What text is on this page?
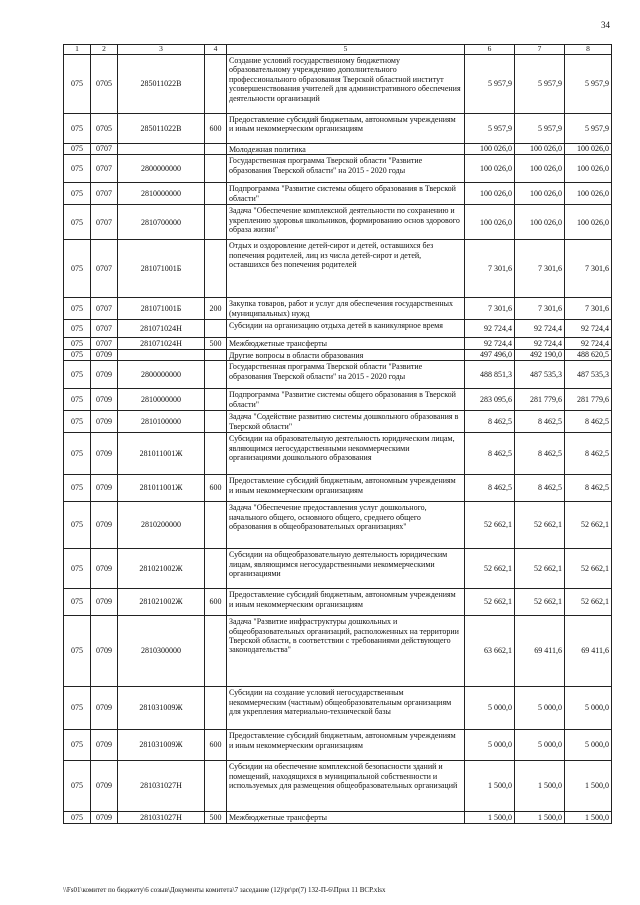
34
1	2	3	4	5	6	7	8
075	0705	285011022В		Создание условий государственному бюджетному образовательному учреждению дополнительного профессионального образования Тверской областной институт усовершенствования учителей для административного обеспечения деятельности организаций	5 957,9	5 957,9	5 957,9
075	0705	285011022В	600	Предоставление субсидий бюджетным, автономным учреждениям и иным некоммерческим организациям	5 957,9	5 957,9	5 957,9
075	0707			Молодежная политика	100 026,0	100 026,0	100 026,0
075	0707	2800000000		Государственная программа Тверской области "Развитие образования Тверской области" на 2015 - 2020 годы	100 026,0	100 026,0	100 026,0
075	0707	2810000000		Подпрограмма "Развитие системы общего образования в Тверской области"	100 026,0	100 026,0	100 026,0
075	0707	2810700000		Задача "Обеспечение комплексной деятельности по сохранению и укреплению здоровья школьников, формированию основ здорового образа жизни"	100 026,0	100 026,0	100 026,0
075	0707	281071001Б		Отдых и оздоровление детей-сирот и детей, оставшихся без попечения родителей, лиц из числа детей-сирот и детей, оставшихся без попечения родителей	7 301,6	7 301,6	7 301,6
075	0707	281071001Б	200	Закупка товаров, работ и услуг для обеспечения государственных (муниципальных) нужд	7 301,6	7 301,6	7 301,6
075	0707	281071024Н		Субсидии на организацию отдыха детей в каникулярное время	92 724,4	92 724,4	92 724,4
075	0707	281071024Н	500	Межбюджетные трансферты	92 724,4	92 724,4	92 724,4
075	0709			Другие вопросы в области образования	497 496,0	492 190,0	488 620,5
075	0709	2800000000		Государственная программа Тверской области "Развитие образования Тверской области" на 2015 - 2020 годы	488 851,3	487 535,3	487 535,3
075	0709	2810000000		Подпрограмма "Развитие системы общего образования в Тверской области"	283 095,6	281 779,6	281 779,6
075	0709	2810100000		Задача "Содействие развитию системы дошкольного образования в Тверской области"	8 462,5	8 462,5	8 462,5
075	0709	281011001Ж		Субсидии на образовательную деятельность юридическим лицам, являющимся негосударственными некоммерческими организациями дошкольного образования	8 462,5	8 462,5	8 462,5
075	0709	281011001Ж	600	Предоставление субсидий бюджетным, автономным учреждениям и иным некоммерческим организациям	8 462,5	8 462,5	8 462,5
075	0709	2810200000		Задача "Обеспечение предоставления услуг дошкольного, начального общего, основного общего, среднего общего образования в общеобразовательных организациях"	52 662,1	52 662,1	52 662,1
075	0709	281021002Ж		Субсидии на общеобразовательную деятельность юридическим лицам, являющимся негосударственными некоммерческими организациями	52 662,1	52 662,1	52 662,1
075	0709	281021002Ж	600	Предоставление субсидий бюджетным, автономным учреждениям и иным некоммерческим организациям	52 662,1	52 662,1	52 662,1
075	0709	2810300000		Задача "Развитие инфраструктуры дошкольных и общеобразовательных организаций, расположенных на территории Тверской области, в соответствии с требованиями действующего законодательства"	63 662,1	69 411,6	69 411,6
075	0709	281031009Ж		Субсидии на создание условий негосударственным некоммерческим (частным) общеобразовательным организациям для укрепления материально-технической базы	5 000,0	5 000,0	5 000,0
075	0709	281031009Ж	600	Предоставление субсидий бюджетным, автономным учреждениям и иным некоммерческим организациям	5 000,0	5 000,0	5 000,0
075	0709	281031027Н		Субсидии на обеспечение комплексной безопасности зданий и помещений, находящихся в муниципальной собственности и используемых для размещения общеобразовательных организаций	1 500,0	1 500,0	1 500,0
075	0709	281031027Н	500	Межбюджетные трансферты	1 500,0	1 500,0	1 500,0
\\Fs01\комитет по бюджету\6 созыв\Документы комитета\7 заседание (12)\pr\pr(7) 132-П-6\Прил 11 ВСР.xlsx
